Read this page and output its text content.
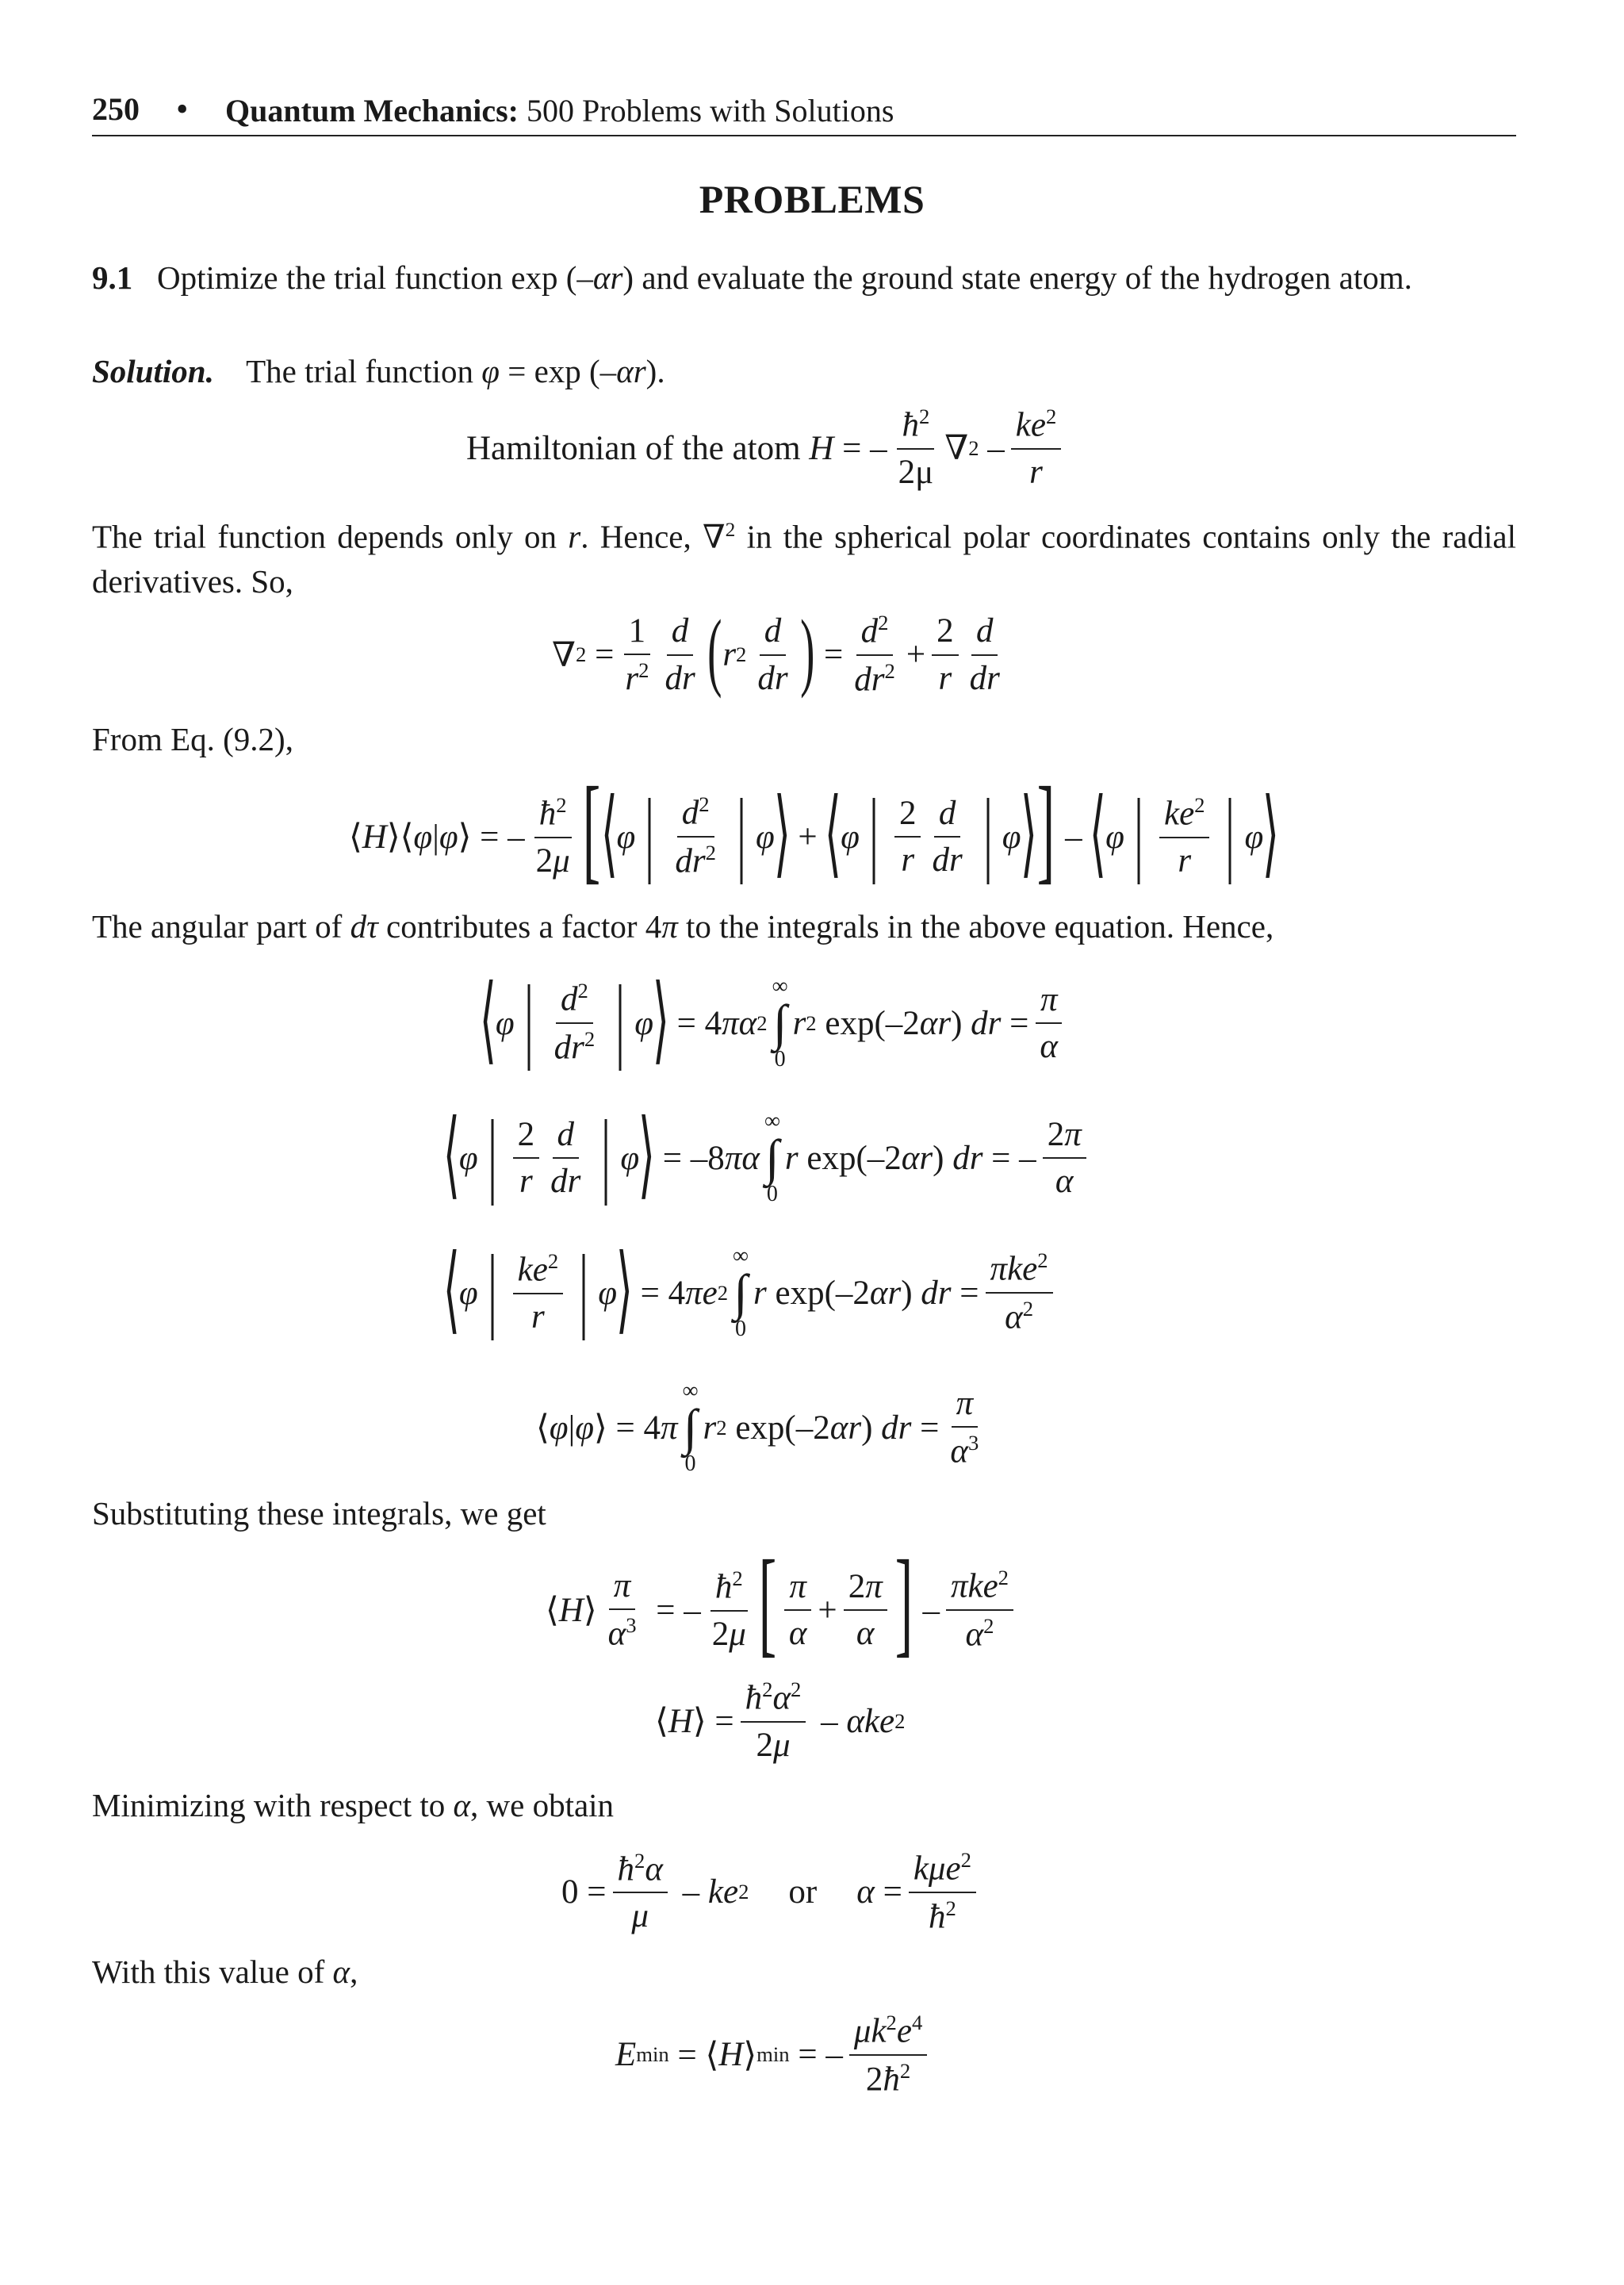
250 • Quantum Mechanics: 500 Problems with Solutions
PROBLEMS
9.1 Optimize the trial function exp (–αr) and evaluate the ground state energy of the hydrogen atom.
Solution. The trial function φ = exp (–αr).
Hamiltonian of the atom
H = – $\frac{ħ^2}{2\mu}$ ∇ $2 - \frac{ke^2}{r}$
The trial function depends only on r. Hence, ∇$^2$ in the spherical polar coordinates contains only the radial derivatives. So,
∇ $2 = \frac{1}{r^2} \frac{d}{dr}$ ( r $2 \frac{d}{dr}$ ) = $\frac{d^2}{dr^2} + \frac{2}{r} \frac{d}{dr}$
From Eq. (9.2),
⟨ H ⟩⟨ φ | φ ⟩ = – $\frac{ħ^2}{2\mu}$ [ ⟨
φ | $\frac{d^2}{dr^2}$ | φ
⟩
+
⟨
φ | $\frac{2}{r} \frac{d}{dr}$ | φ
⟩ ] –
⟨
φ | $\frac{ke^2}{r}$ | φ
⟩
The angular part of dτ contributes a factor 4π to the integrals in the above equation. Hence,
⟨
φ | $\frac{d^2}{dr^2}$ | φ
⟩
= 4 πα 2
∞
∫
0
r 2 exp(–2 αr ) dr = $\frac{\pi}{\alpha}$
⟨
φ | $\frac{2}{r} \frac{d}{dr}$ | φ
⟩
= –8 πα
∞
∫
0
r exp(–2 αr ) dr = – $\frac{2\pi}{\alpha}$
⟨
φ | $\frac{ke^2}{r}$ | φ
⟩
= 4 πe 2
∞
∫
0
r exp(–2 αr ) dr = $\frac{\pi ke^2}{\alpha^2}$
⟨ φ | φ ⟩ = 4 π
∞
∫
0
r 2 exp(–2 αr ) dr = $\frac{\pi}{\alpha^3}$
Substituting these integrals, we get
⟨ H ⟩ $\frac{\pi}{\alpha^3}$ = – $\frac{ħ^2}{2\mu}$ [ $\frac{\pi}{\alpha} + \frac{2\pi}{\alpha}$ ] – $\frac{\pi ke^2}{\alpha^2}$
⟨ H ⟩ = $\frac{ħ^2\alpha^2}{2\mu}$ – αke 2
Minimizing with respect to α, we obtain
$0 = \frac{ħ^2\alpha}{\mu}$ – ke 2 or $\alpha = \frac{k\mu e^2}{ħ^2}$
With this value of α,
E min = ⟨ H ⟩ min = – $\frac{\mu k^2e^4}{2ħ^2}$
